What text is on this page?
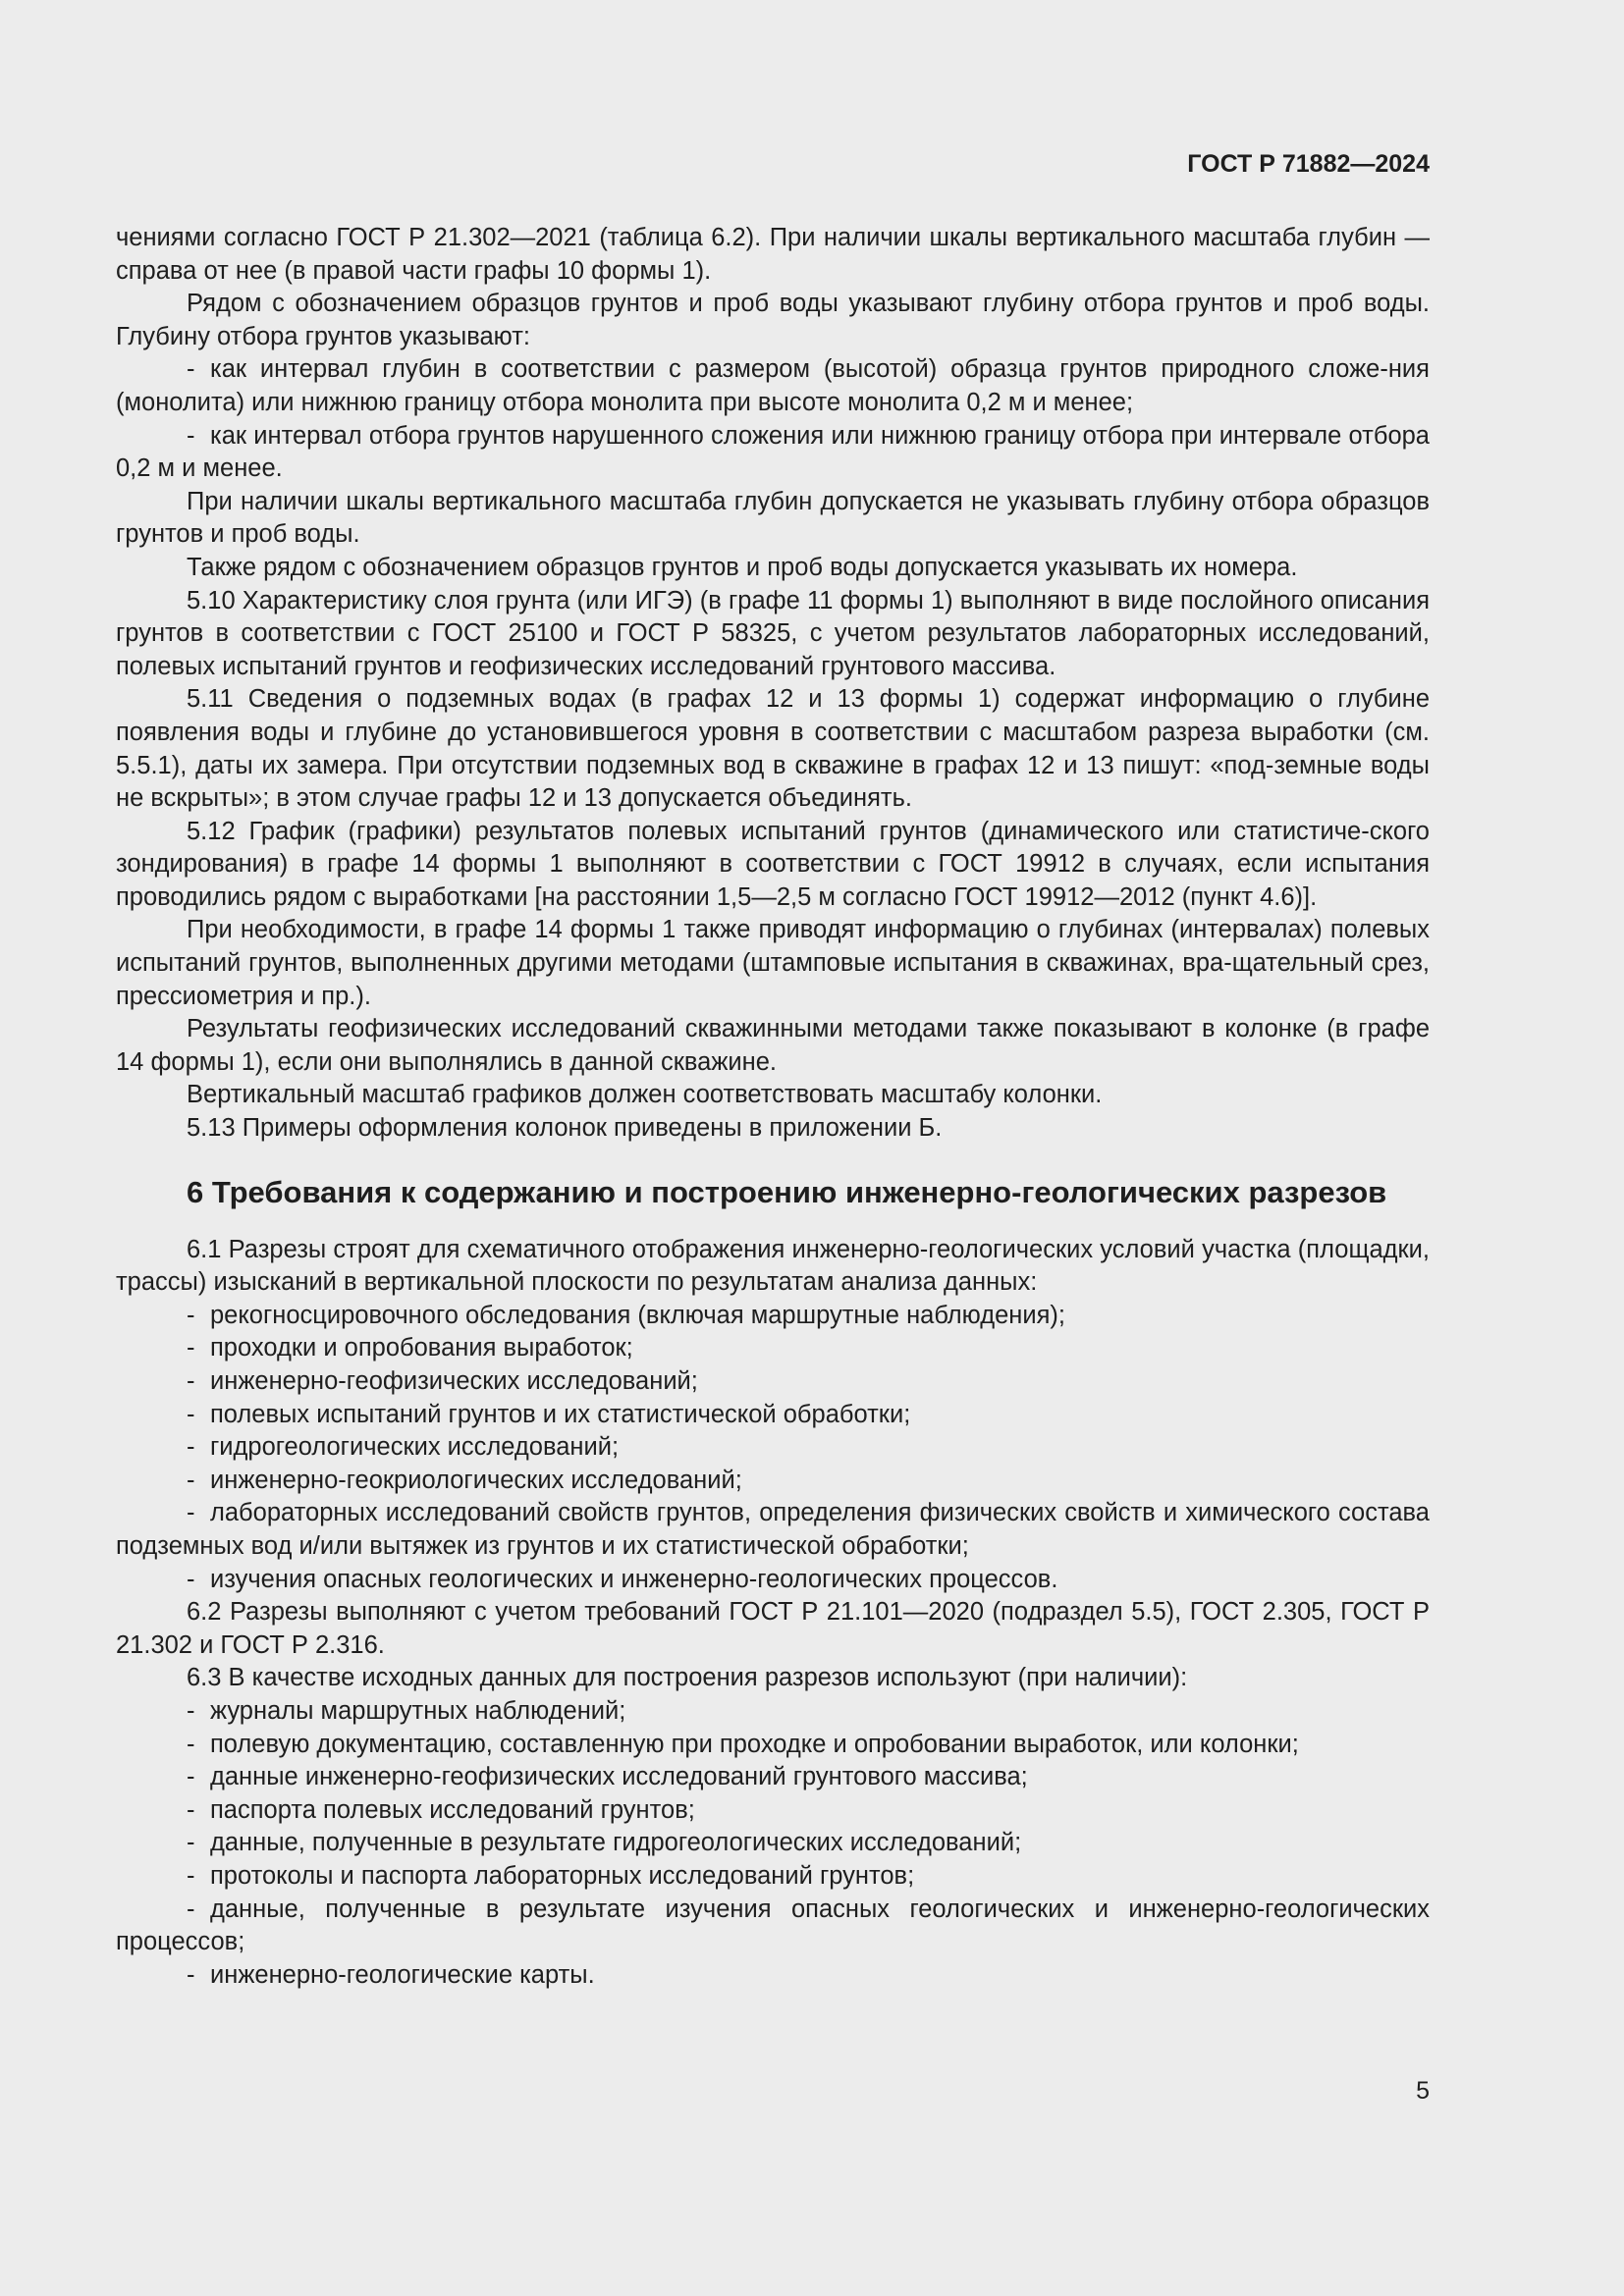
ГОСТ Р 71882—2024

чениями согласно ГОСТ Р 21.302—2021 (таблица 6.2). При наличии шкалы вертикального масштаба глубин — справа от нее (в правой части графы 10 формы 1).

Рядом с обозначением образцов грунтов и проб воды указывают глубину отбора грунтов и проб воды. Глубину отбора грунтов указывают:

- как интервал глубин в соответствии с размером (высотой) образца грунтов природного сложе-ния (монолита) или нижнюю границу отбора монолита при высоте монолита 0,2 м и менее;

- как интервал отбора грунтов нарушенного сложения или нижнюю границу отбора при интервале отбора 0,2 м и менее.

При наличии шкалы вертикального масштаба глубин допускается не указывать глубину отбора образцов грунтов и проб воды.

Также рядом с обозначением образцов грунтов и проб воды допускается указывать их номера.

5.10 Характеристику слоя грунта (или ИГЭ) (в графе 11 формы 1) выполняют в виде послойного описания грунтов в соответствии с ГОСТ 25100 и ГОСТ Р 58325, с учетом результатов лабораторных исследований, полевых испытаний грунтов и геофизических исследований грунтового массива.

5.11 Сведения о подземных водах (в графах 12 и 13 формы 1) содержат информацию о глубине появления воды и глубине до установившегося уровня в соответствии с масштабом разреза выработки (см. 5.5.1), даты их замера. При отсутствии подземных вод в скважине в графах 12 и 13 пишут: «под-земные воды не вскрыты»; в этом случае графы 12 и 13 допускается объединять.

5.12 График (графики) результатов полевых испытаний грунтов (динамического или статистиче-ского зондирования) в графе 14 формы 1 выполняют в соответствии с ГОСТ 19912 в случаях, если испытания проводились рядом с выработками [на расстоянии 1,5—2,5 м согласно ГОСТ 19912—2012 (пункт 4.6)].

При необходимости, в графе 14 формы 1 также приводят информацию о глубинах (интервалах) полевых испытаний грунтов, выполненных другими методами (штамповые испытания в скважинах, вра-щательный срез, прессиометрия и пр.).

Результаты геофизических исследований скважинными методами также показывают в колонке (в графе 14 формы 1), если они выполнялись в данной скважине.

Вертикальный масштаб графиков должен соответствовать масштабу колонки.

5.13 Примеры оформления колонок приведены в приложении Б.

6 Требования к содержанию и построению инженерно-геологических разрезов

6.1 Разрезы строят для схематичного отображения инженерно-геологических условий участка (площадки, трассы) изысканий в вертикальной плоскости по результатам анализа данных:

- рекогносцировочного обследования (включая маршрутные наблюдения);

- проходки и опробования выработок;

- инженерно-геофизических исследований;

- полевых испытаний грунтов и их статистической обработки;

- гидрогеологических исследований;

- инженерно-геокриологических исследований;

- лабораторных исследований свойств грунтов, определения физических свойств и химического состава подземных вод и/или вытяжек из грунтов и их статистической обработки;

- изучения опасных геологических и инженерно-геологических процессов.

6.2 Разрезы выполняют с учетом требований ГОСТ Р 21.101—2020 (подраздел 5.5), ГОСТ 2.305, ГОСТ Р 21.302 и ГОСТ Р 2.316.

6.3 В качестве исходных данных для построения разрезов используют (при наличии):

- журналы маршрутных наблюдений;

- полевую документацию, составленную при проходке и опробовании выработок, или колонки;

- данные инженерно-геофизических исследований грунтового массива;

- паспорта полевых исследований грунтов;

- данные, полученные в результате гидрогеологических исследований;

- протоколы и паспорта лабораторных исследований грунтов;

- данные, полученные в результате изучения опасных геологических и инженерно-геологических процессов;

- инженерно-геологические карты.

5
